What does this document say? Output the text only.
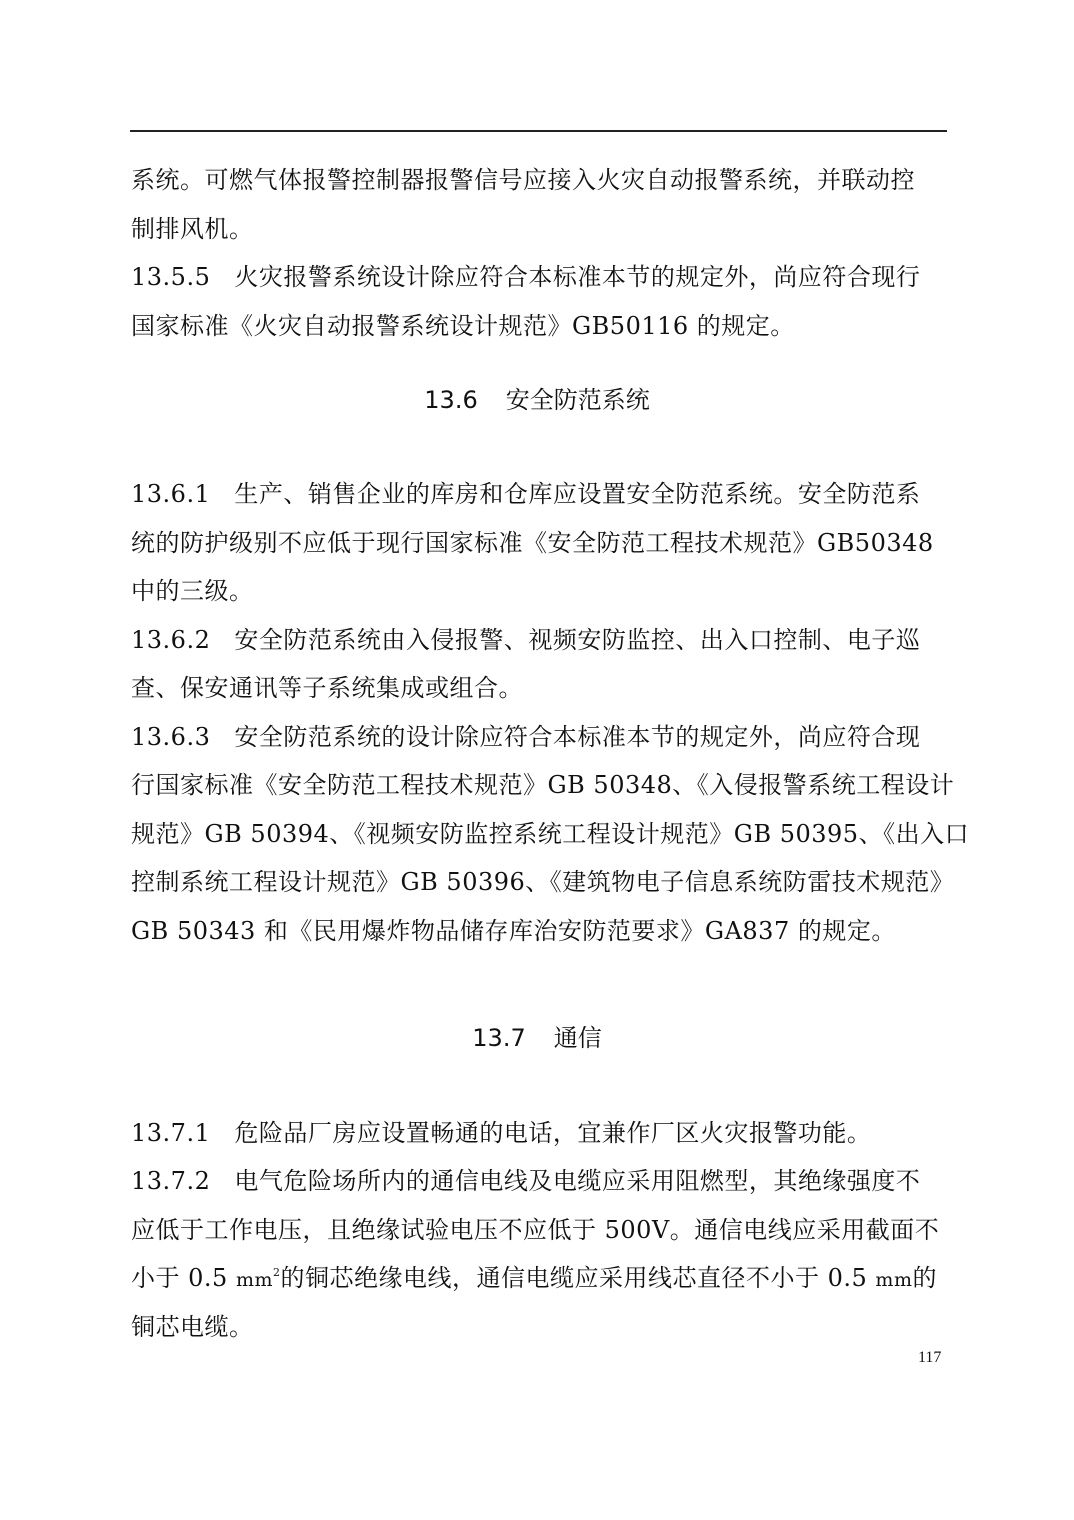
系统。可燃气体报警控制器报警信号应接入火灾自动报警系统，并联动控
制排风机。
13.5.5 火灾报警系统设计除应符合本标准本节的规定外，尚应符合现行
国家标准《火灾自动报警系统设计规范》GB50116 的规定。
13.6 安全防范系统
13.6.1 生产、销售企业的库房和仓库应设置安全防范系统。安全防范系
统的防护级别不应低于现行国家标准《安全防范工程技术规范》GB50348
中的三级。
13.6.2 安全防范系统由入侵报警、视频安防监控、出入口控制、电子巡
查、保安通讯等子系统集成或组合。
13.6.3 安全防范系统的设计除应符合本标准本节的规定外，尚应符合现
行国家标准《安全防范工程技术规范》GB 50348、《入侵报警系统工程设计
规范》GB 50394、《视频安防监控系统工程设计规范》GB 50395、《出入口
控制系统工程设计规范》GB 50396、《建筑物电子信息系统防雷技术规范》
GB 50343 和《民用爆炸物品储存库治安防范要求》GA837 的规定。
13.7 通信
13.7.1 危险品厂房应设置畅通的电话，宜兼作厂区火灾报警功能。
13.7.2 电气危险场所内的通信电线及电缆应采用阻燃型，其绝缘强度不
应低于工作电压，且绝缘试验电压不应低于 500V。通信电线应采用截面不
小于 0.5 $mm^2$的铜芯绝缘电线，通信电缆应采用线芯直径不小于 0.5 mm的
铜芯电缆。
117
